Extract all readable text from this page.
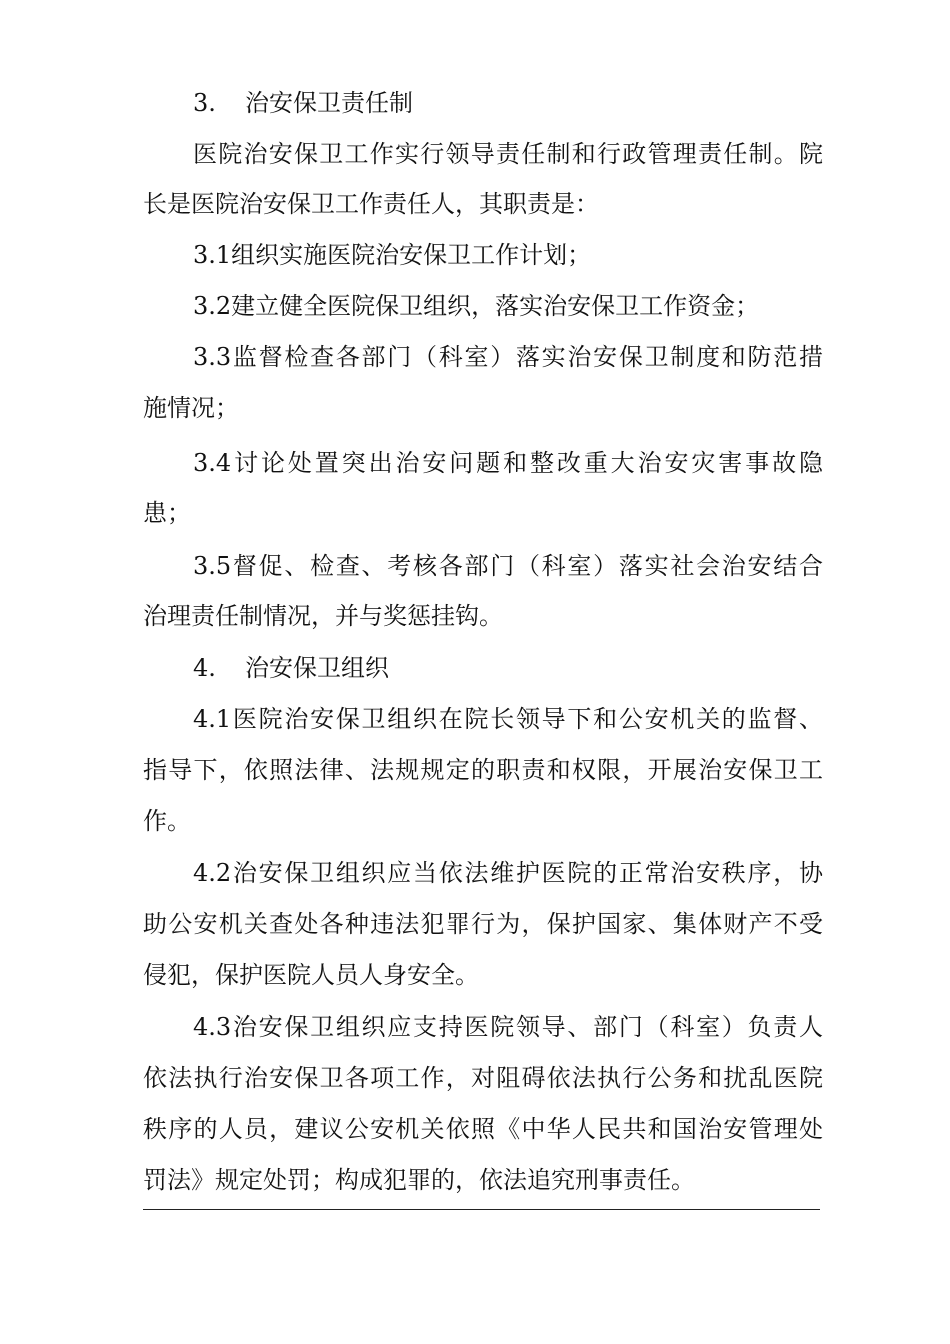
3. 治安保卫责任制
医院治安保卫工作实行领导责任制和行政管理责任制。院
长是医院治安保卫工作责任人，其职责是：
3.1组织实施医院治安保卫工作计划；
3.2建立健全医院保卫组织，落实治安保卫工作资金；
3.3监督检查各部门（科室）落实治安保卫制度和防范措
施情况；
3.4讨论处置突出治安问题和整改重大治安灾害事故隐
患；
3.5督促、检查、考核各部门（科室）落实社会治安结合
治理责任制情况，并与奖惩挂钩。
4. 治安保卫组织
4.1医院治安保卫组织在院长领导下和公安机关的监督、
指导下，依照法律、法规规定的职责和权限，开展治安保卫工
作。
4.2治安保卫组织应当依法维护医院的正常治安秩序，协
助公安机关查处各种违法犯罪行为，保护国家、集体财产不受
侵犯，保护医院人员人身安全。
4.3治安保卫组织应支持医院领导、部门（科室）负责人
依法执行治安保卫各项工作，对阻碍依法执行公务和扰乱医院
秩序的人员，建议公安机关依照《中华人民共和国治安管理处
罚法》规定处罚；构成犯罪的，依法追究刑事责任。
